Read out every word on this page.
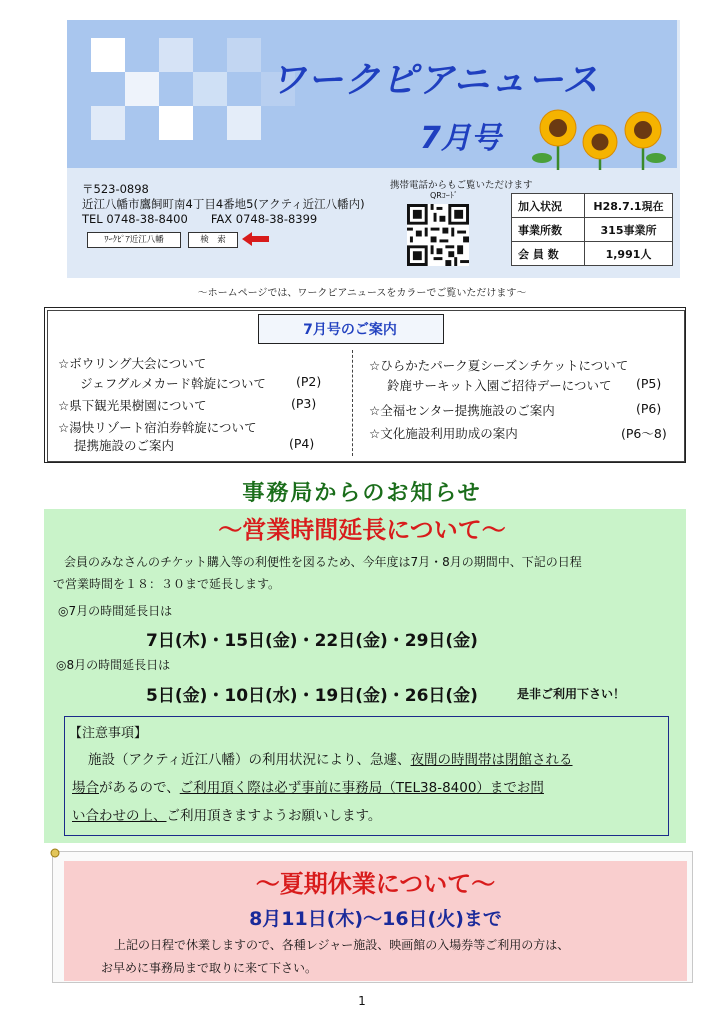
ワークピアニュース
7月号
〒523-0898
近江八幡市鷹飼町南4丁目4番地5(アクティ近江八幡内)
TEL 0748-38-8400　　FAX 0748-38-8399
ﾜｰｸﾋﾟｱ近江八幡	検　索
携帯電話からもご覧いただけます
QRｺｰﾄﾞ
加入状況	H28.7.1現在
事業所数	315事業所
会 員 数	1,991人
～ホームページでは、ワークピアニュースをカラーでご覧いただけます～
7月号のご案内
☆ボウリング大会について
ジェフグルメカード斡旋について (P2)
☆県下観光果樹園について	(P3)
☆湯快リゾート宿泊券斡旋について
提携施設のご案内	(P4)
☆ひらかたパーク夏シーズンチケットについて
鈴鹿サーキット入園ご招待デーについて (P5)
☆全福センター提携施設のご案内	(P6)
☆文化施設利用助成の案内	(P6～8)
事務局からのお知らせ
～営業時間延長について～
会員のみなさんのチケット購入等の利便性を図るため、今年度は7月・8月の期間中、下記の日程
で営業時間を１８：３０まで延長します。
◎7月の時間延長日は
7日(木)・15日(金)・22日(金)・29日(金)
◎8月の時間延長日は
5日(金)・10日(水)・19日(金)・26日(金)	是非ご利用下さい！
【注意事項】
施設（アクティ近江八幡）の利用状況により、急遽、夜間の時間帯は閉館される
場合があるので、ご利用頂く際は必ず事前に事務局（TEL38-8400）までお問
い合わせの上、ご利用頂きますようお願いします。
～夏期休業について～
8月11日(木)～16日(火)まで
上記の日程で休業しますので、各種レジャー施設、映画館の入場券等ご利用の方は、
お早めに事務局まで取りに来て下さい。
1
